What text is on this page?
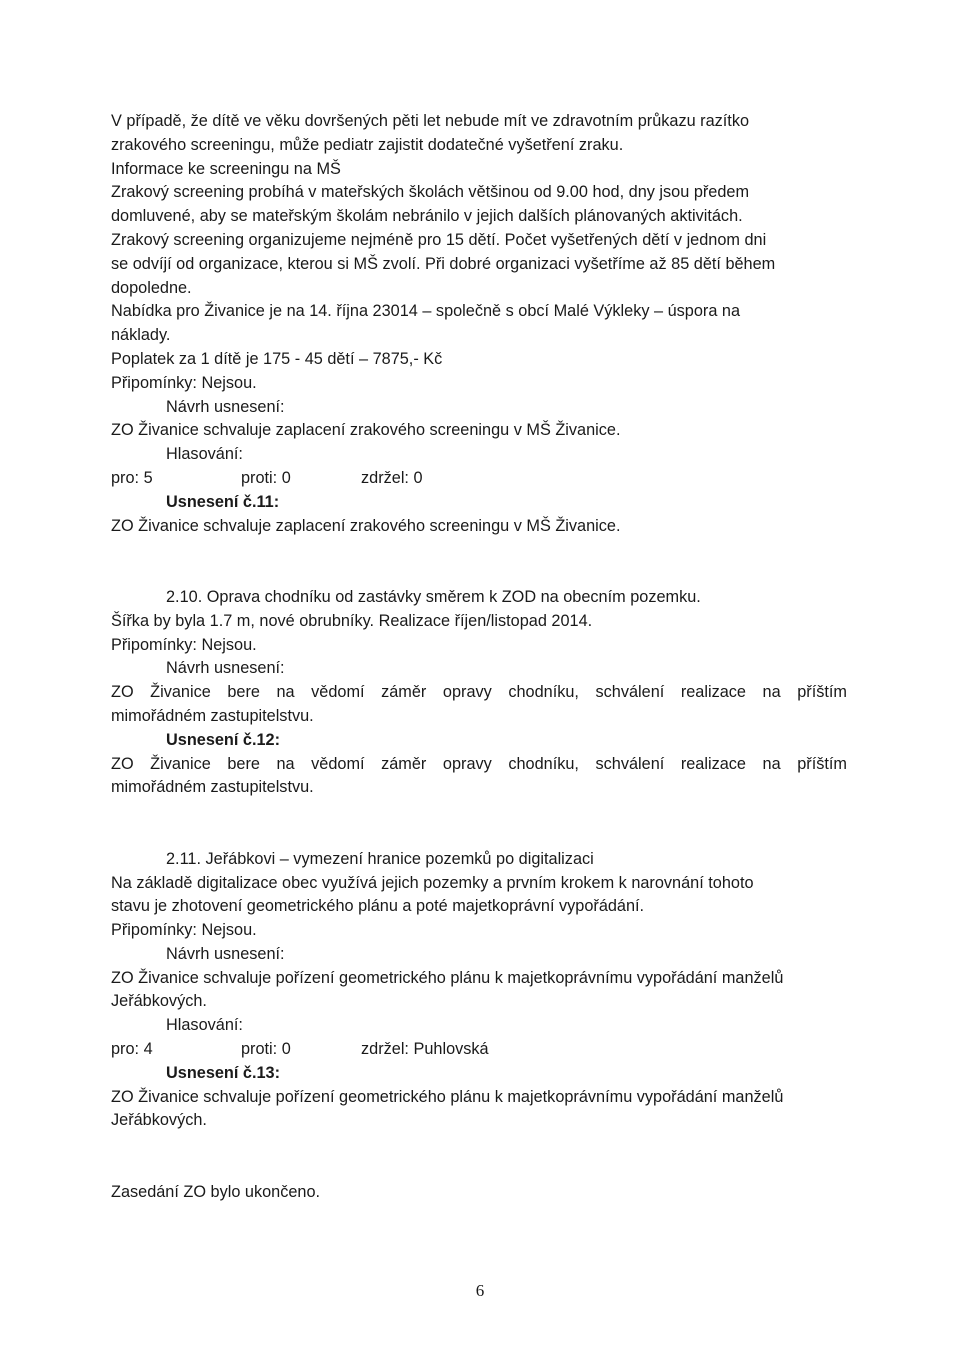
V případě, že dítě ve věku dovršených pěti let nebude mít ve zdravotním průkazu razítko
zrakového screeningu, může pediatr zajistit dodatečné vyšetření zraku.
Informace ke screeningu na MŠ
Zrakový screening probíhá v mateřských školách většinou od 9.00 hod, dny jsou předem
domluvené, aby se mateřským školám nebránilo v jejich dalších plánovaných aktivitách.
Zrakový screening organizujeme nejméně pro 15 dětí. Počet vyšetřených dětí v jednom dni
se odvíjí od organizace, kterou si MŠ zvolí. Při dobré organizaci vyšetříme až 85 dětí během
dopoledne.
Nabídka pro Živanice je na 14. října 23014 – společně s obcí Malé Výkleky – úspora na
náklady.
Poplatek za 1 dítě je 175 - 45 dětí – 7875,- Kč
Připomínky: Nejsou.
Návrh usnesení:
ZO Živanice schvaluje zaplacení zrakového screeningu v MŠ Živanice.
Hlasování:
pro: 5	proti: 0	zdržel: 0
Usnesení č.11:
ZO Živanice schvaluje zaplacení zrakového screeningu v MŠ Živanice.
2.10. Oprava chodníku od zastávky směrem k ZOD na obecním pozemku.
Šířka by byla 1.7 m, nové obrubníky. Realizace říjen/listopad 2014.
Připomínky: Nejsou.
Návrh usnesení:
ZO Živanice bere na vědomí záměr opravy chodníku, schválení realizace na příštím
mimořádném zastupitelstvu.
Usnesení č.12:
ZO Živanice bere na vědomí záměr opravy chodníku, schválení realizace na příštím
mimořádném zastupitelstvu.
2.11. Jeřábkovi – vymezení hranice pozemků po digitalizaci
Na základě digitalizace obec využívá jejich pozemky a prvním krokem k narovnání tohoto
stavu je zhotovení geometrického plánu a poté majetkoprávní vypořádání.
Připomínky: Nejsou.
Návrh usnesení:
ZO Živanice schvaluje pořízení geometrického plánu k majetkoprávnímu vypořádání manželů
Jeřábkových.
Hlasování:
pro: 4	proti: 0	zdržel: Puhlovská
Usnesení č.13:
ZO Živanice schvaluje pořízení geometrického plánu k majetkoprávnímu vypořádání manželů
Jeřábkových.
Zasedání ZO bylo ukončeno.
6
